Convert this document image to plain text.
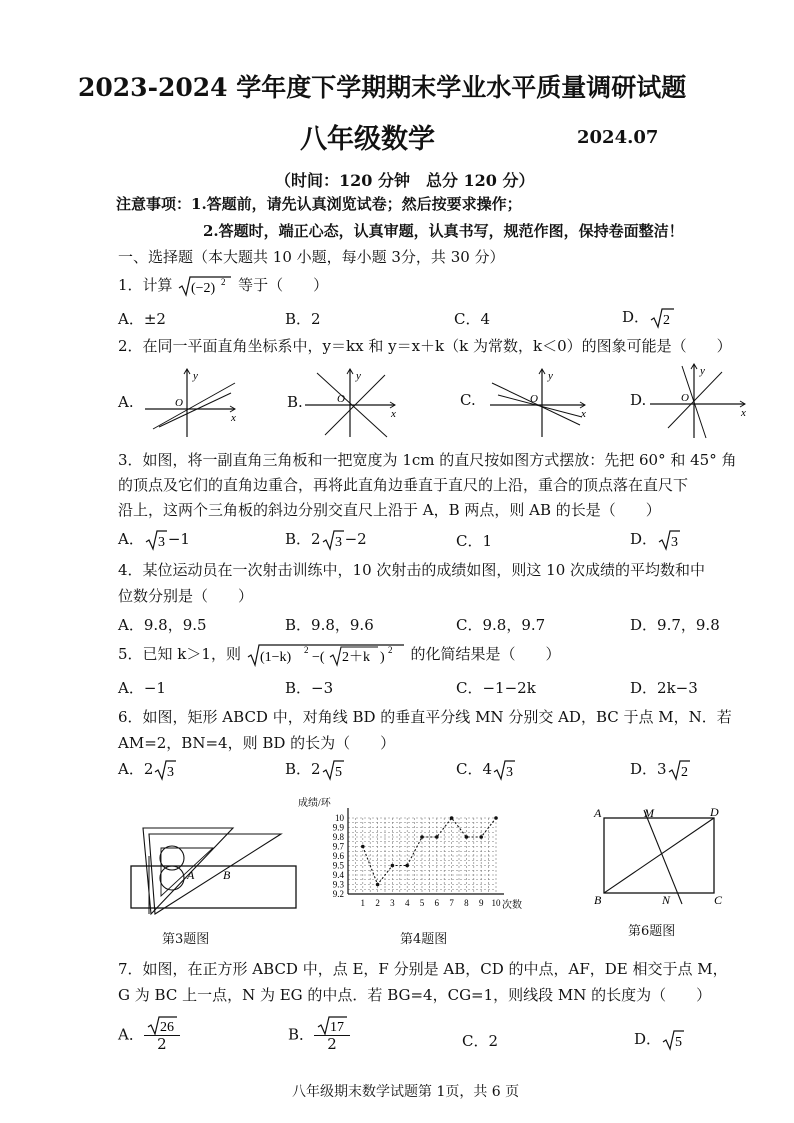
2023-2024 学年度下学期期末学业水平质量调研试题
八年级数学	2024.07
（时间：120 分钟　总分 120 分）
注意事项：1.答题前，请先认真浏览试卷；然后按要求操作；
2.答题时，端正心态，认真审题，认真书写，规范作图，保持卷面整洁！
一、选择题（本大题共 10 小题，每小题 3分，共 30 分）
1．计算 (−2) 2 等于（　　）
A．±2	B．2	C．4	D． 2
2．在同一平面直角坐标系中，y＝kx 和 y＝x＋k（k 为常数，k＜0）的图象可能是（　　）
A.	B.	C.	D.
y
x
O
y
x
O
y
x
O
y
x
O
3．如图，将一副直角三角板和一把宽度为 1cm 的直尺按如图方式摆放：先把 60° 和 45° 角
的顶点及它们的直角边重合，再将此直角边垂直于直尺的上沿，重合的顶点落在直尺下
沿上，这两个三角板的斜边分别交直尺上沿于 A，B 两点，则 AB 的长是（　　）
A． 3 −1	B．2 3 −2	C．1	D． 3
4．某位运动员在一次射击训练中，10 次射击的成绩如图，则这 10 次成绩的平均数和中
位数分别是（　　）
A．9.8，9.5	B．9.8，9.6	C．9.8，9.7	D．9.7，9.8
5．已知 k＞1，则 (1−k) 2 −( 2＋k ) 2 的化简结果是（　　）
A．−1	B．−3	C．−1−2k	D．2k−3
6．如图，矩形 ABCD 中，对角线 BD 的垂直平分线 MN 分别交 AD，BC 于点 M，N．若
AM=2，BN=4，则 BD 的长为（　　）
A．2 3	B．2 5	C．4 3	D．3 2
A B
第3题图
9.2
9.3
9.4
9.5
9.6
9.7
9.8
9.9
10
1 2 3 4 5 6 7 8 9 10
成绩/环
次数
第4题图
A	M	D
B	N	C
第6题图
7．如图，在正方形 ABCD 中，点 E，F 分别是 AB，CD 的中点，AF，DE 相交于点 M，
G 为 BC 上一点，N 为 EG 的中点．若 BG=4，CG=1，则线段 MN 的长度为（　　）
A． $\frac{26}{2}$	B． $\frac{17}{2}$	C．2	D． 5
八年级期末数学试题第 1页，共 6 页
